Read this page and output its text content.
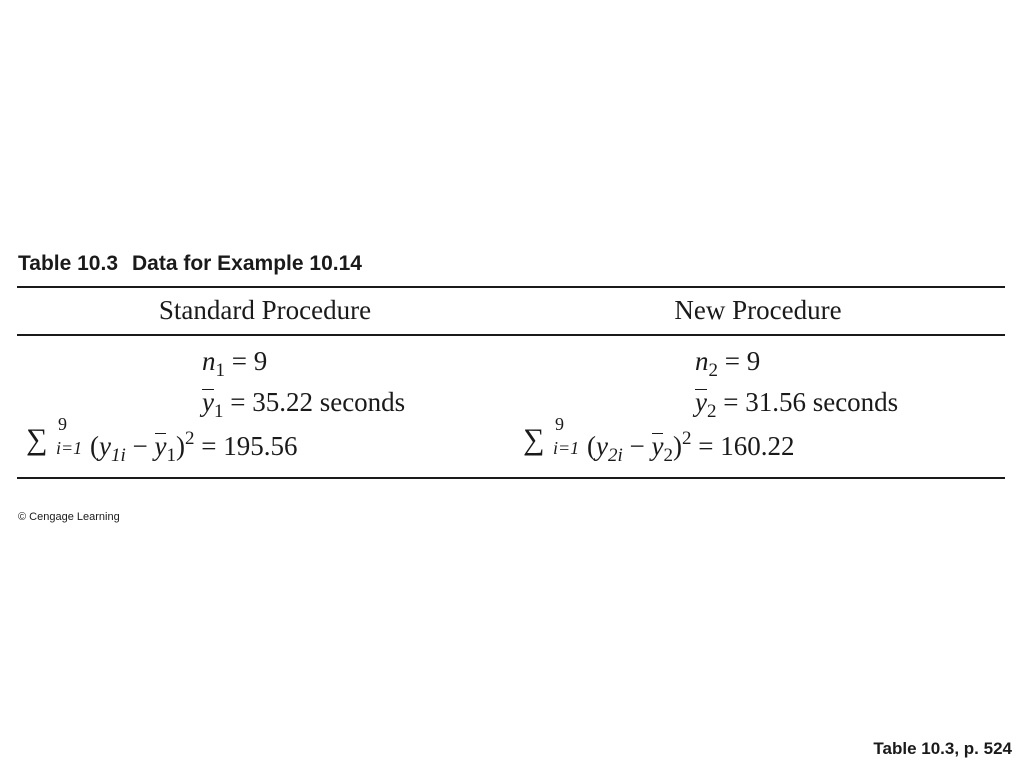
Table 10.3 Data for Example 10.14
Standard Procedure	New Procedure
$n_1 = 9$
$y_1 = 35.22$ seconds
∑ 9
i=1 $(y_{1i} - y_1)^2 = 195.56$
$n_2 = 9$
$y_2 = 31.56$ seconds
∑ 9
i=1 $(y_{2i} - y_2)^2 = 160.22$
© Cengage Learning
Table 10.3, p. 524
